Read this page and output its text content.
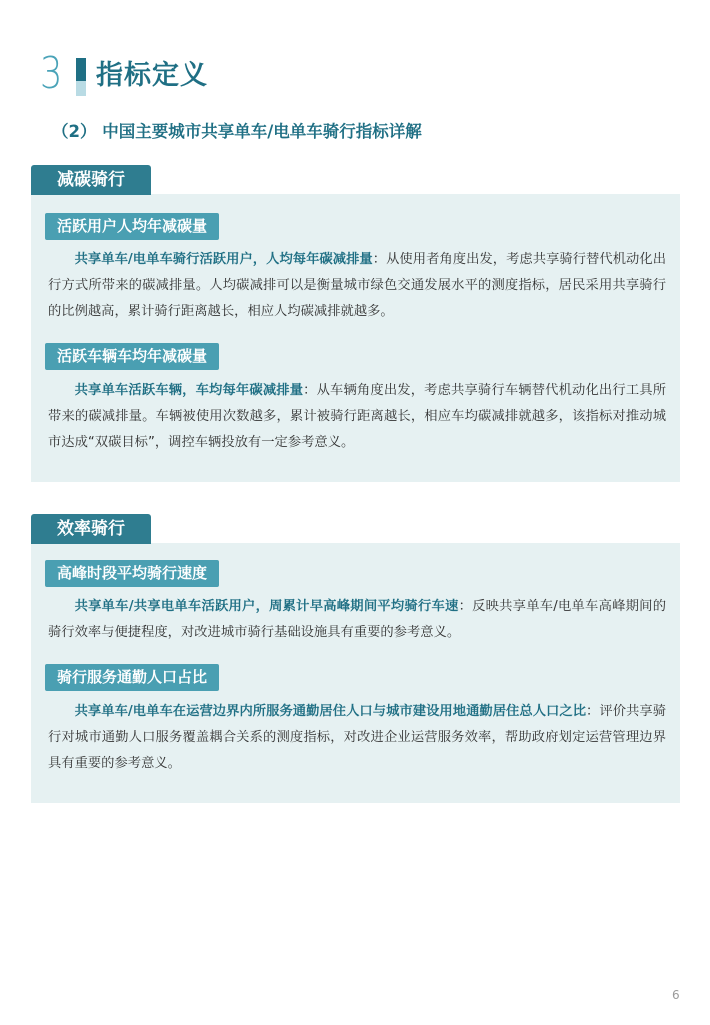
3 指标定义
（2） 中国主要城市共享单车/电单车骑行指标详解
减碳骑行
活跃用户人均年减碳量
共享单车/电单车骑行活跃用户，人均每年碳减排量：从使用者角度出发，考虑共享骑行替代机动化出行方式所带来的碳减排量。人均碳减排可以是衡量城市绿色交通发展水平的测度指标，居民采用共享骑行的比例越高，累计骑行距离越长，相应人均碳减排就越多。
活跃车辆车均年减碳量
共享单车活跃车辆，车均每年碳减排量：从车辆角度出发，考虑共享骑行车辆替代机动化出行工具所带来的碳减排量。车辆被使用次数越多，累计被骑行距离越长，相应车均碳减排就越多，该指标对推动城市达成“双碳目标”，调控车辆投放有一定参考意义。
效率骑行
高峰时段平均骑行速度
共享单车/共享电单车活跃用户，周累计早高峰期间平均骑行车速：反映共享单车/电单车高峰期间的骑行效率与便捷程度，对改进城市骑行基础设施具有重要的参考意义。
骑行服务通勤人口占比
共享单车/电单车在运营边界内所服务通勤居住人口与城市建设用地通勤居住总人口之比：评价共享骑行对城市通勤人口服务覆盖耦合关系的测度指标，对改进企业运营服务效率，帮助政府划定运营管理边界具有重要的参考意义。
6
